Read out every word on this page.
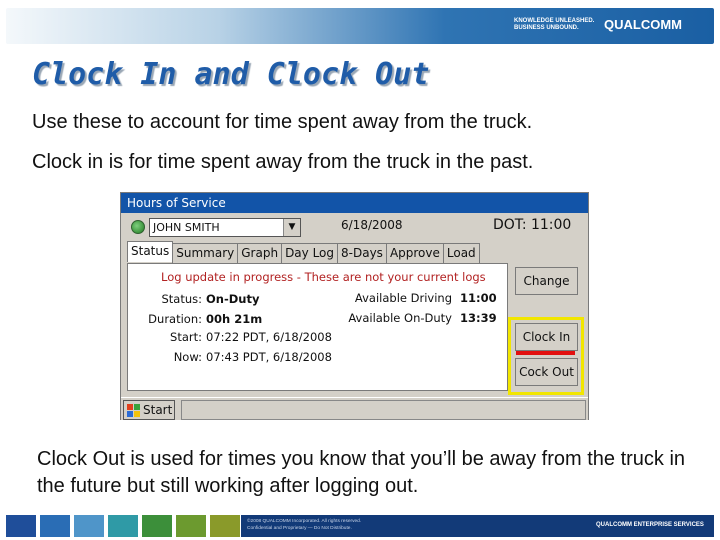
KNOWLEDGE UNLEASHED.
BUSINESS UNBOUND.	QUALCOMM
Clock In and Clock Out
Use these to account for time spent away from the truck.
Clock in is for time spent away from the truck in the past.
Hours of Service
JOHN SMITH	▼	6/18/2008	DOT: 11:00
Status Summary Graph Day Log 8-Days Approve Load
Log update in progress - These are not your current logs
Status: On-Duty
Duration: 00h 21m
Start: 07:22 PDT, 6/18/2008
Now: 07:43 PDT, 6/18/2008
Available Driving 11:00
Available On-Duty 13:39
Change
Clock In
Cock Out
Start
Clock Out is used for times you know that you’ll be away from the truck in the future but still working after logging out.
©2008 QUALCOMM Incorporated. All rights reserved.
Confidential and Proprietary — Do Not Distribute.
QUALCOMM ENTERPRISE SERVICES
